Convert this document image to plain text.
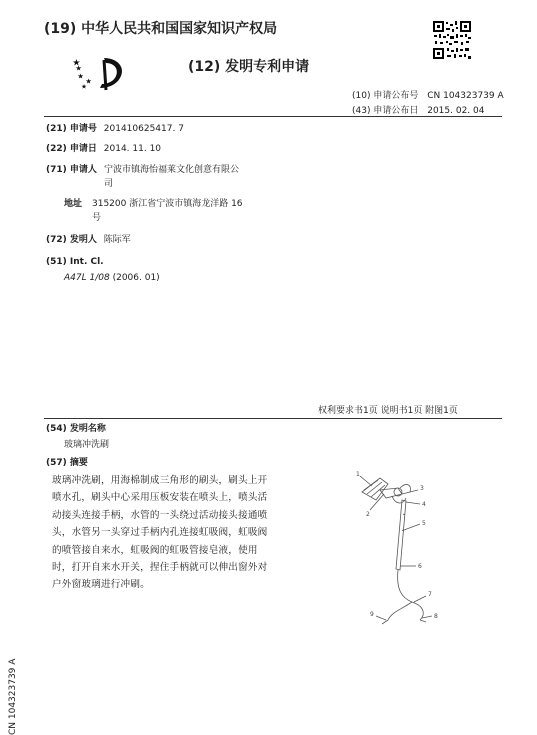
(19) 中华人民共和国国家知识产权局
(12) 发明专利申请
(10) 申请公布号 CN 104323739 A
(43) 申请公布日 2015. 02. 04
(21) 申请号 201410625417. 7
(22) 申请日 2014. 11. 10
(71) 申请人 宁波市镇海怡福莱文化创意有限公
司
地址 315200 浙江省宁波市镇海龙洋路 16
号
(72) 发明人 陈际军
(51) Int. Cl.
A47L 1/08 (2006. 01)
权利要求书1页 说明书1页 附图1页
(54) 发明名称
玻璃冲洗刷
(57) 摘要
玻璃冲洗刷，用海棉制成三角形的刷头，刷头上开喷水孔，刷头中心采用压板安装在喷头上，喷头活动接头连接手柄，水管的一头绕过活动接头接通喷头，水管另一头穿过手柄内孔连接虹吸阀，虹吸阀的喷管接自来水，虹吸阀的虹吸管接皂液，使用时，打开自来水开关，捏住手柄就可以伸出窗外对户外窗玻璃进行冲刷。
1
2
3
4
5
6
7
8
9
CN 104323739 A
